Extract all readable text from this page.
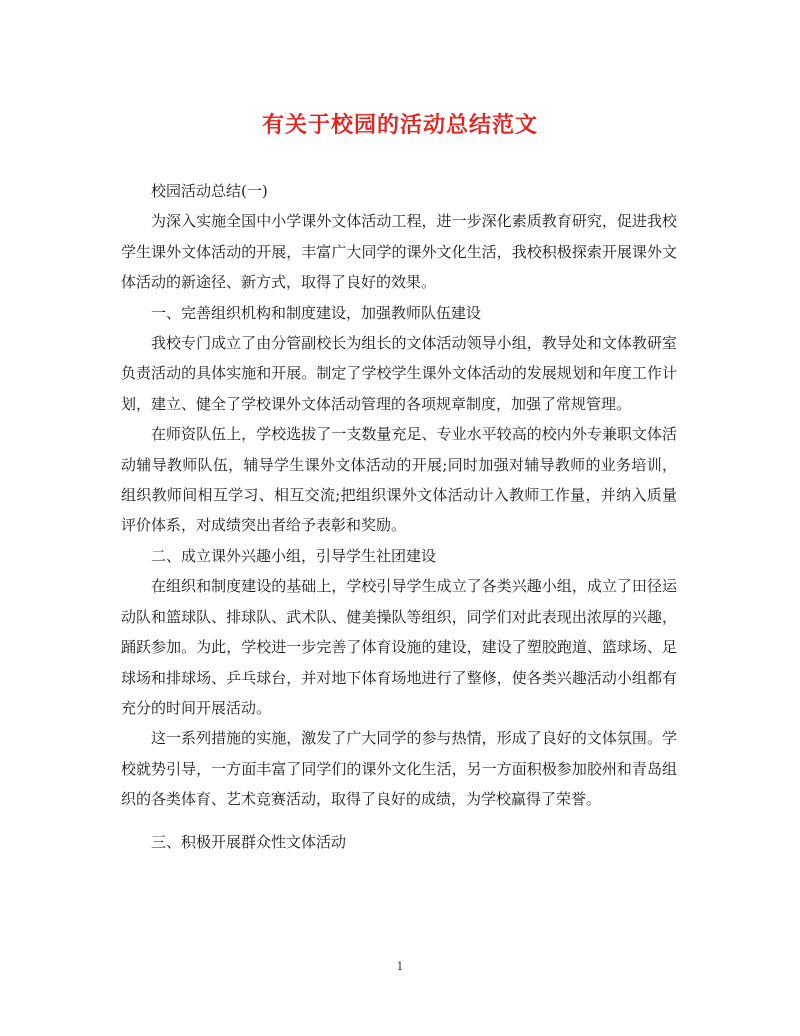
有关于校园的活动总结范文

校园活动总结(一)

为深入实施全国中小学课外文体活动工程，进一步深化素质教育研究，促进我校学生课外文体活动的开展，丰富广大同学的课外文化生活，我校积极探索开展课外文体活动的新途径、新方式，取得了良好的效果。

一、完善组织机构和制度建设，加强教师队伍建设

我校专门成立了由分管副校长为组长的文体活动领导小组，教导处和文体教研室负责活动的具体实施和开展。制定了学校学生课外文体活动的发展规划和年度工作计划，建立、健全了学校课外文体活动管理的各项规章制度，加强了常规管理。

在师资队伍上，学校选拔了一支数量充足、专业水平较高的校内外专兼职文体活动辅导教师队伍，辅导学生课外文体活动的开展;同时加强对辅导教师的业务培训，组织教师间相互学习、相互交流;把组织课外文体活动计入教师工作量，并纳入质量评价体系，对成绩突出者给予表彰和奖励。

二、成立课外兴趣小组，引导学生社团建设

在组织和制度建设的基础上，学校引导学生成立了各类兴趣小组，成立了田径运动队和篮球队、排球队、武术队、健美操队等组织，同学们对此表现出浓厚的兴趣，踊跃参加。为此，学校进一步完善了体育设施的建设，建设了塑胶跑道、篮球场、足球场和排球场、乒乓球台，并对地下体育场地进行了整修，使各类兴趣活动小组都有充分的时间开展活动。

这一系列措施的实施，激发了广大同学的参与热情，形成了良好的文体氛围。学校就势引导，一方面丰富了同学们的课外文化生活，另一方面积极参加胶州和青岛组织的各类体育、艺术竞赛活动，取得了良好的成绩，为学校赢得了荣誉。

三、积极开展群众性文体活动

1
